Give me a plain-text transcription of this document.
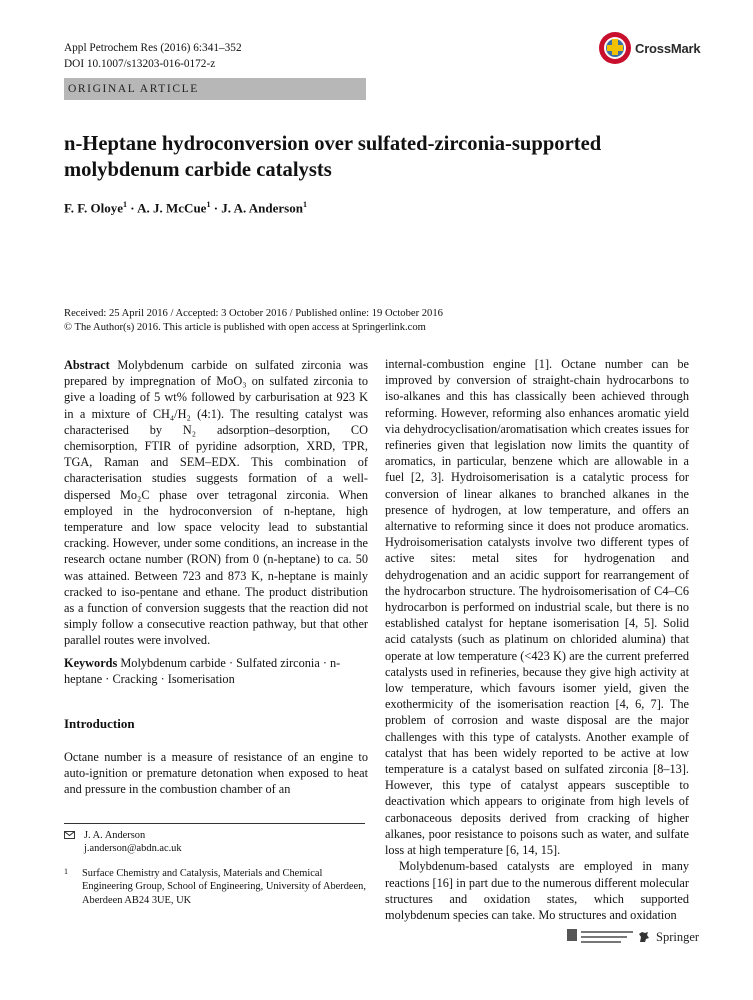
Appl Petrochem Res (2016) 6:341–352
DOI 10.1007/s13203-016-0172-z
CrossMark
ORIGINAL ARTICLE
n-Heptane hydroconversion over sulfated-zirconia-supported molybdenum carbide catalysts
F. F. Oloye$^1$ · A. J. McCue$^1$ · J. A. Anderson$^1$
Received: 25 April 2016 / Accepted: 3 October 2016 / Published online: 19 October 2016
© The Author(s) 2016. This article is published with open access at Springerlink.com

Abstract Molybdenum carbide on sulfated zirconia was prepared by impregnation of MoO₃ on sulfated zirconia to give a loading of 5 wt% followed by carburisation at 923 K in a mixture of CH₄/H₂ (4:1). The resulting catalyst was characterised by N₂ adsorption–desorption, CO chemisorption, FTIR of pyridine adsorption, XRD, TPR, TGA, Raman and SEM–EDX. This combination of characterisation studies suggests formation of a well-dispersed Mo₂C phase over tetragonal zirconia. When employed in the hydroconversion of n-heptane, high temperature and low space velocity lead to substantial cracking. However, under some conditions, an increase in the research octane number (RON) from 0 (n-heptane) to ca. 50 was attained. Between 723 and 873 K, n-heptane is mainly cracked to iso-pentane and ethane. The product distribution as a function of conversion suggests that the reaction did not simply follow a consecutive reaction pathway, but that other parallel routes were involved.

Keywords Molybdenum carbide · Sulfated zirconia · n-heptane · Cracking · Isomerisation
Introduction
Octane number is a measure of resistance of an engine to auto-ignition or premature detonation when exposed to heat and pressure in the combustion chamber of an
J. A. Anderson
j.anderson@abdn.ac.uk
1 Surface Chemistry and Catalysis, Materials and Chemical Engineering Group, School of Engineering, University of Aberdeen, Aberdeen AB24 3UE, UK

internal-combustion engine [1]. Octane number can be improved by conversion of straight-chain hydrocarbons to iso-alkanes and this has classically been achieved through reforming. However, reforming also enhances aromatic yield via dehydrocyclisation/aromatisation which creates issues for refineries given that legislation now limits the quantity of aromatics, in particular, benzene which are allowable in a fuel [2, 3]. Hydroisomerisation is a catalytic process for conversion of linear alkanes to branched alkanes in the presence of hydrogen, at low temperature, and offers an alternative to reforming since it does not produce aromatics. Hydroisomerisation catalysts involve two different types of active sites: metal sites for hydrogenation and dehydrogenation and an acidic support for rearrangement of the hydrocarbon structure. The hydroisomerisation of C4–C6 hydrocarbon is performed on industrial scale, but there is no established catalyst for heptane isomerisation [4, 5]. Solid acid catalysts (such as platinum on chlorided alumina) that operate at low temperature (<423 K) are the current preferred catalysts used in refineries, because they give high activity at low temperature, which favours isomer yield, given the exothermicity of the isomerisation reaction [4, 6, 7]. The problem of corrosion and waste disposal are the major challenges with this type of catalysts. Another example of catalyst that has been widely reported to be active at low temperature is a catalyst based on sulfated zirconia [8–13]. However, this type of catalyst appears susceptible to deactivation which appears to originate from high levels of carbonaceous deposits derived from cracking of higher alkanes, poor resistance to poisons such as water, and sulfate loss at high temperature [6, 14, 15].

Molybdenum-based catalysts are employed in many reactions [16] in part due to the numerous different molecular structures and oxidation states, which supported molybdenum species can take. Mo structures and oxidation

Springer
